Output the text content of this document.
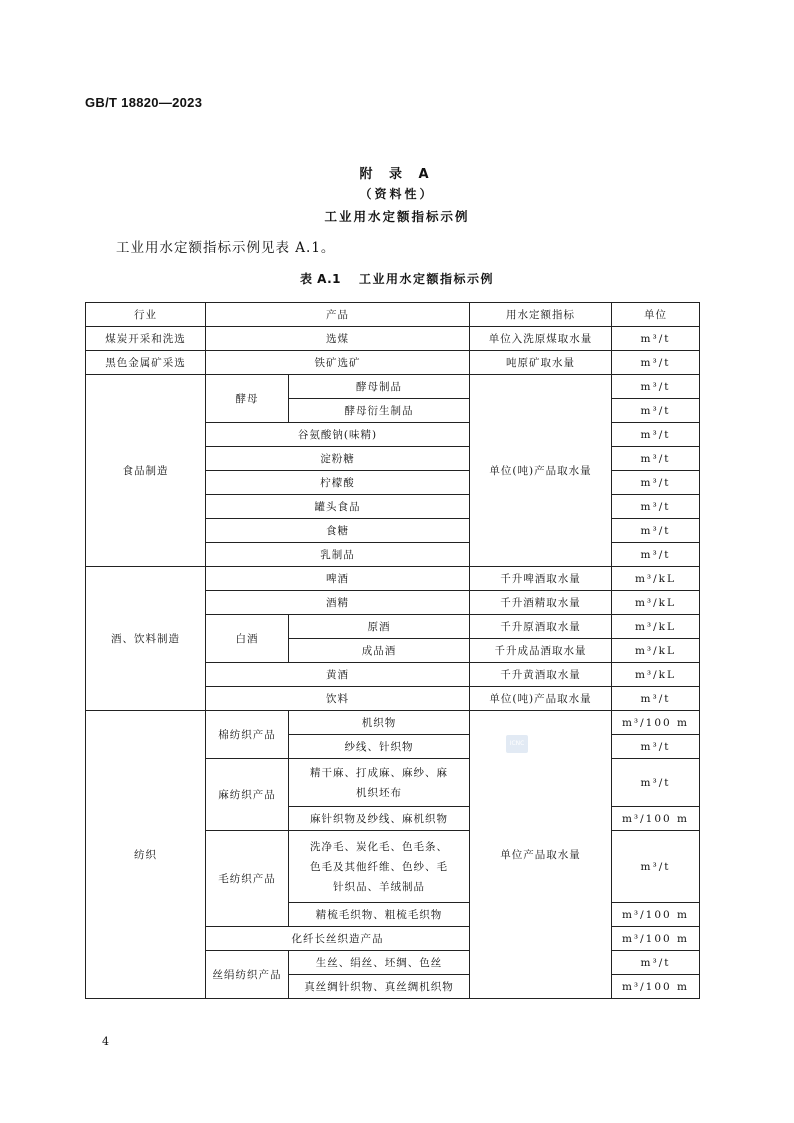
GB/T 18820—2023
附 录 A
（资料性）
工业用水定额指标示例
工业用水定额指标示例见表 A.1。
表 A.1 工业用水定额指标示例
行业	产品		用水定额指标	单位
煤炭开采和洗选	选煤		单位入洗原煤取水量	m³/t
黑色金属矿采选	铁矿选矿		吨原矿取水量	m³/t
食品制造	酵母	酵母制品	单位(吨)产品取水量	m³/t
		酵母衍生制品		m³/t
	谷氨酸钠(味精)			m³/t
	淀粉糖			m³/t
	柠檬酸			m³/t
	罐头食品			m³/t
	食糖			m³/t
	乳制品			m³/t
酒、饮料制造	啤酒		千升啤酒取水量	m³/kL
	酒精		千升酒精取水量	m³/kL
	白酒	原酒	千升原酒取水量	m³/kL
		成品酒	千升成品酒取水量	m³/kL
	黄酒		千升黄酒取水量	m³/kL
	饮料		单位(吨)产品取水量	m³/t
纺织	棉纺织产品	机织物	单位产品取水量	m³/100 m
		纱线、针织物		m³/t
	麻纺织产品	精干麻、打成麻、麻纱、麻机织坯布		m³/t
		麻针织物及纱线、麻机织物		m³/100 m
	毛纺织产品	洗净毛、炭化毛、色毛条、色毛及其他纤维、色纱、毛针织品、羊绒制品		m³/t
		精梳毛织物、粗梳毛织物		m³/100 m
	化纤长丝织造产品			m³/100 m
	丝绢纺织产品	生丝、绢丝、坯绸、色丝		m³/t
		真丝绸针织物、真丝绸机织物		m³/100 m
ICNC
4
